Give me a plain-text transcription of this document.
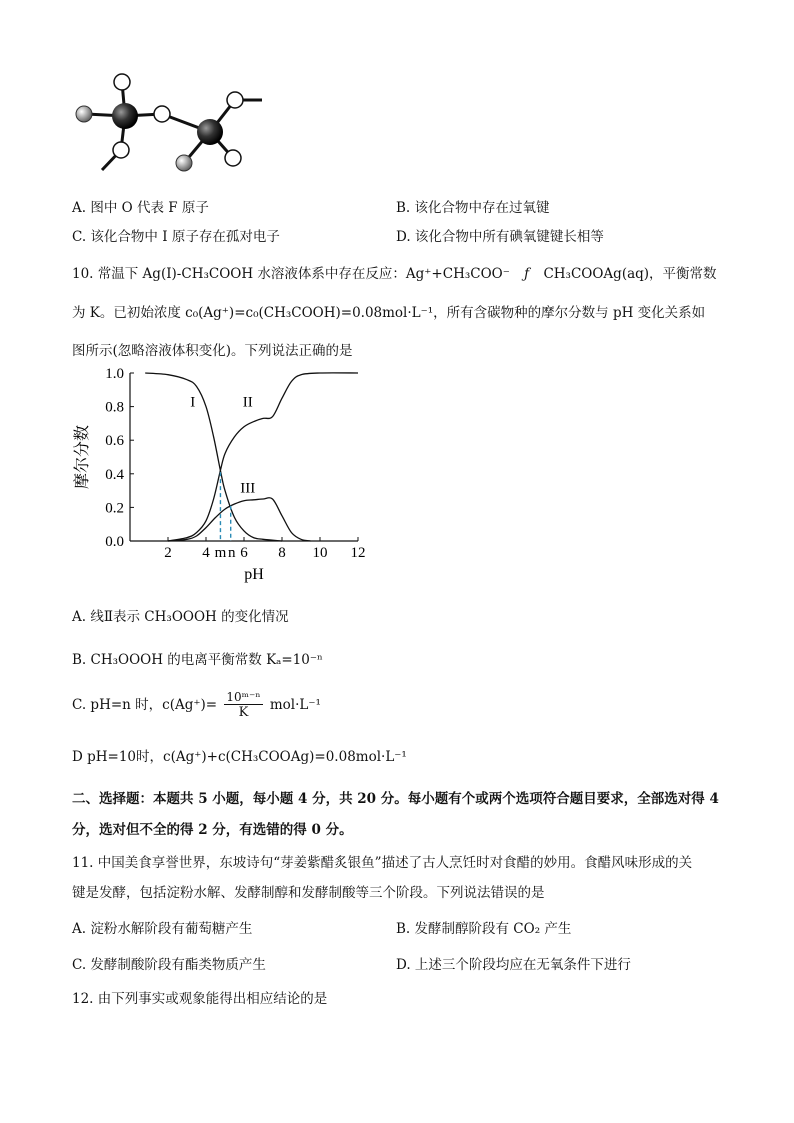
A. 图中 O 代表 F 原子	B. 该化合物中存在过氧键
C. 该化合物中 I 原子存在孤对电子	D. 该化合物中所有碘氧键键长相等
10. 常温下 Ag(Ⅰ)-CH₃COOH 水溶液体系中存在反应：Ag⁺+CH₃COO⁻ ƒ CH₃COOAg(aq)，平衡常数
为 K。已初始浓度 c₀(Ag⁺)=c₀(CH₃COOH)=0.08mol·L⁻¹，所有含碳物种的摩尔分数与 pH 变化关系如
图所示(忽略溶液体积变化)。下列说法正确的是
0.0
0.2
0.4
0.6
0.8
1.0
2 4 6 8 10 12
m n
pH
摩尔分数
I	II
III
A. 线Ⅱ表示 CH₃OOOH 的变化情况
B. CH₃OOOH 的电离平衡常数 Kₐ=10⁻ⁿ
C. pH=n 时，$c(Ag^+)= \frac{\text{10ᵐ⁻ⁿ}}{K} mol\cdot L^{-1}$
D pH=10时，c(Ag⁺)+c(CH₃COOAg)=0.08mol·L⁻¹
二、选择题：本题共 5 小题，每小题 4 分，共 20 分。每小题有个或两个选项符合题目要求，全部选对得 4
分，选对但不全的得 2 分，有选错的得 0 分。
11. 中国美食享誉世界，东坡诗句“芽姜紫醋炙银鱼”描述了古人烹饪时对食醋的妙用。食醋风味形成的关
键是发酵，包括淀粉水解、发酵制醇和发酵制酸等三个阶段。下列说法错误的是
A. 淀粉水解阶段有葡萄糖产生	B. 发酵制醇阶段有 CO₂ 产生
C. 发酵制酸阶段有酯类物质产生	D. 上述三个阶段均应在无氧条件下进行
12. 由下列事实或观象能得出相应结论的是
